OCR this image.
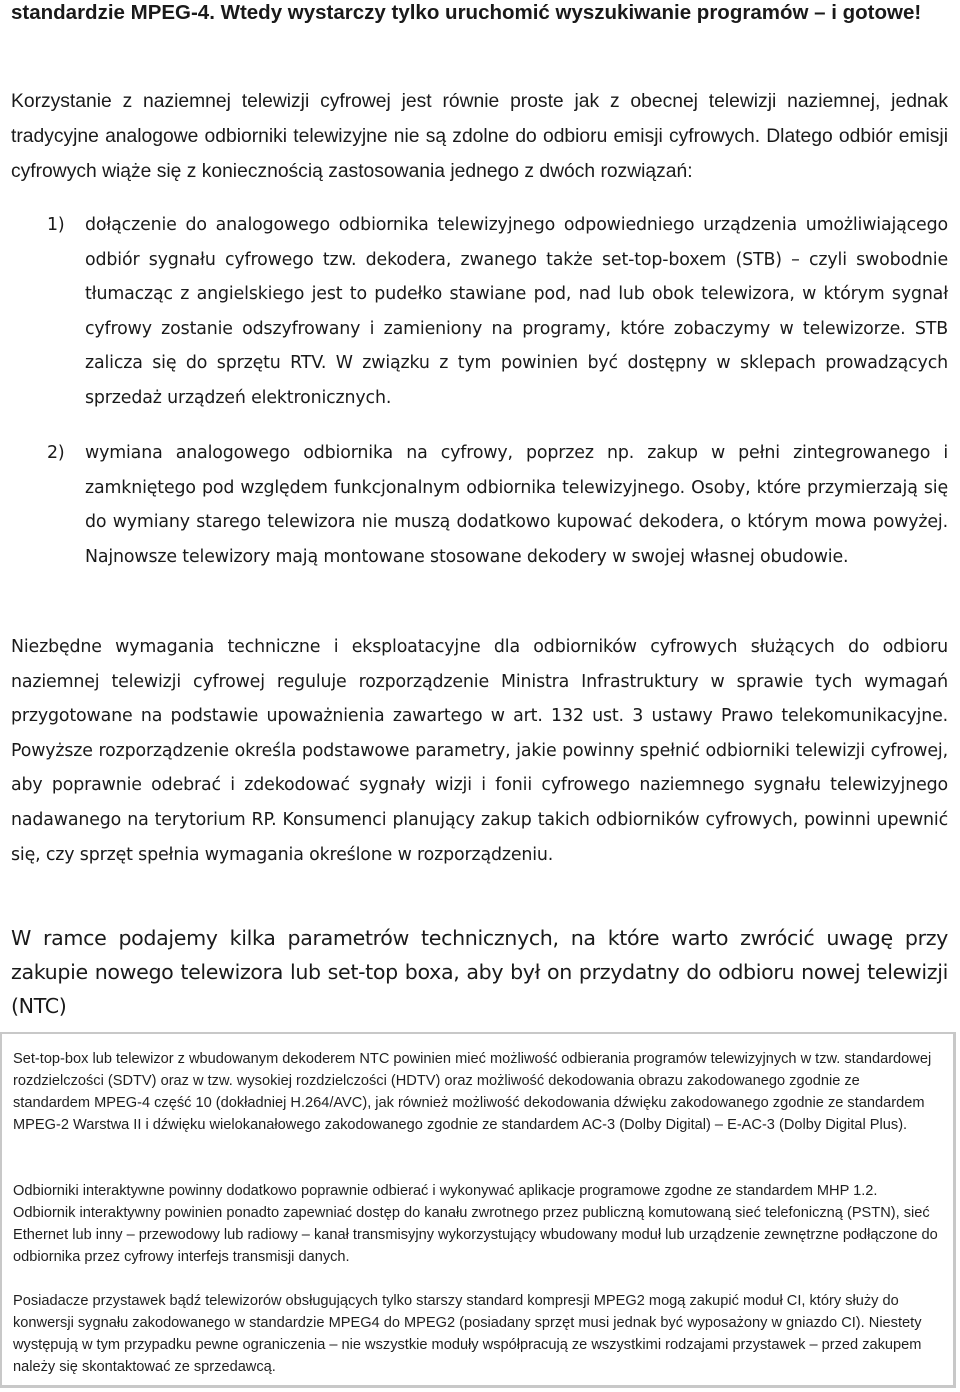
standardzie MPEG-4. Wtedy wystarczy tylko uruchomić wyszukiwanie programów – i gotowe!

Korzystanie z naziemnej telewizji cyfrowej jest równie proste jak z obecnej telewizji naziemnej, jednak tradycyjne analogowe odbiorniki telewizyjne nie są zdolne do odbioru emisji cyfrowych. Dlatego odbiór emisji cyfrowych wiąże się z koniecznością zastosowania jednego z dwóch rozwiązań:

1) dołączenie do analogowego odbiornika telewizyjnego odpowiedniego urządzenia umożliwiającego odbiór sygnału cyfrowego tzw. dekodera, zwanego także set-top-boxem (STB) – czyli swobodnie tłumacząc z angielskiego jest to pudełko stawiane pod, nad lub obok telewizora, w którym sygnał cyfrowy zostanie odszyfrowany i zamieniony na programy, które zobaczymy w telewizorze. STB zalicza się do sprzętu RTV. W związku z tym powinien być dostępny w sklepach prowadzących sprzedaż urządzeń elektronicznych.
2) wymiana analogowego odbiornika na cyfrowy, poprzez np. zakup w pełni zintegrowanego i zamkniętego pod względem funkcjonalnym odbiornika telewizyjnego. Osoby, które przymierzają się do wymiany starego telewizora nie muszą dodatkowo kupować dekodera, o którym mowa powyżej. Najnowsze telewizory mają montowane stosowane dekodery w swojej własnej obudowie.

Niezbędne wymagania techniczne i eksploatacyjne dla odbiorników cyfrowych służących do odbioru naziemnej telewizji cyfrowej reguluje rozporządzenie Ministra Infrastruktury w sprawie tych wymagań przygotowane na podstawie upoważnienia zawartego w art. 132 ust. 3 ustawy Prawo telekomunikacyjne. Powyższe rozporządzenie określa podstawowe parametry, jakie powinny spełnić odbiorniki telewizji cyfrowej, aby poprawnie odebrać i zdekodować sygnały wizji i fonii cyfrowego naziemnego sygnału telewizyjnego nadawanego na terytorium RP. Konsumenci planujący zakup takich odbiorników cyfrowych, powinni upewnić się, czy sprzęt spełnia wymagania określone w rozporządzeniu.

W ramce podajemy kilka parametrów technicznych, na które warto zwrócić uwagę przy zakupie nowego telewizora lub set-top boxa, aby był on przydatny do odbioru nowej telewizji (NTC)

Set-top-box lub telewizor z wbudowanym dekoderem NTC powinien mieć możliwość odbierania programów telewizyjnych w tzw. standardowej rozdzielczości (SDTV) oraz w tzw. wysokiej rozdzielczości (HDTV) oraz możliwość dekodowania obrazu zakodowanego zgodnie ze standardem MPEG-4 część 10 (dokładniej H.264/AVC), jak również możliwość dekodowania dźwięku zakodowanego zgodnie ze standardem MPEG-2 Warstwa II i dźwięku wielokanałowego zakodowanego zgodnie ze standardem AC-3 (Dolby Digital) – E-AC-3 (Dolby Digital Plus).

Odbiorniki interaktywne powinny dodatkowo poprawnie odbierać i wykonywać aplikacje programowe zgodne ze standardem MHP 1.2. Odbiornik interaktywny powinien ponadto zapewniać dostęp do kanału zwrotnego przez publiczną komutowaną sieć telefoniczną (PSTN), sieć Ethernet lub inny – przewodowy lub radiowy – kanał transmisyjny wykorzystujący wbudowany moduł lub urządzenie zewnętrzne podłączone do odbiornika przez cyfrowy interfejs transmisji danych.

Posiadacze przystawek bądź telewizorów obsługujących tylko starszy standard kompresji MPEG2 mogą zakupić moduł CI, który służy do konwersji sygnału zakodowanego w standardzie MPEG4 do MPEG2 (posiadany sprzęt musi jednak być wyposażony w gniazdo CI). Niestety występują w tym przypadku pewne ograniczenia – nie wszystkie moduły współpracują ze wszystkimi rodzajami przystawek – przed zakupem należy się skontaktować ze sprzedawcą.
